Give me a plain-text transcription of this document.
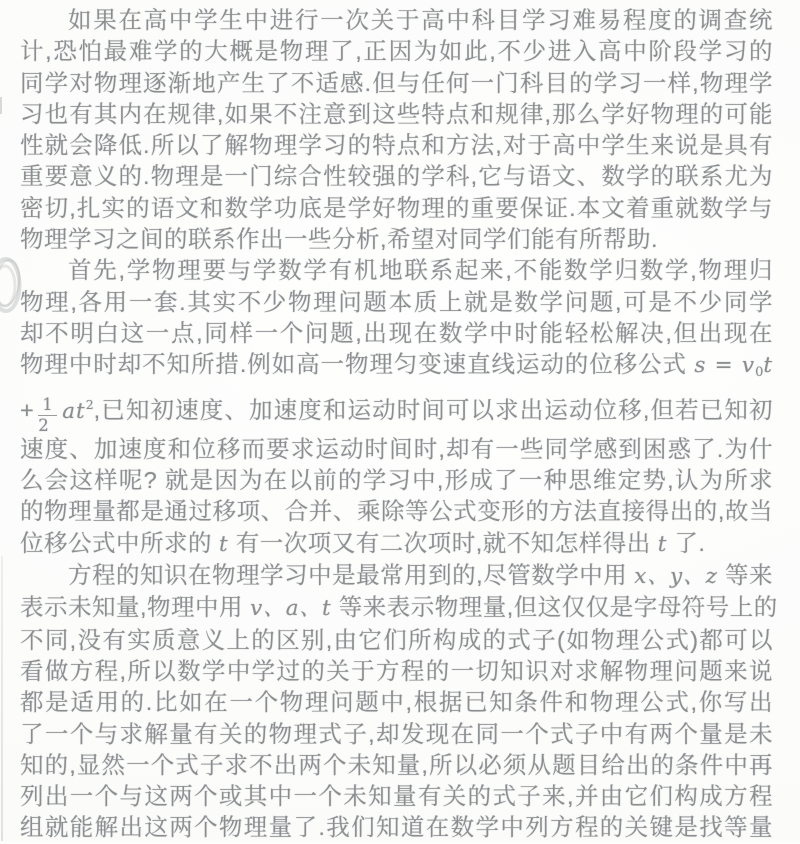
如果在高中学生中进行一次关于高中科目学习难易程度的调查统
计,恐怕最难学的大概是物理了,正因为如此,不少进入高中阶段学习的
同学对物理逐渐地产生了不适感.但与任何一门科目的学习一样,物理学
习也有其内在规律,如果不注意到这些特点和规律,那么学好物理的可能
性就会降低.所以了解物理学习的特点和方法,对于高中学生来说是具有
重要意义的.物理是一门综合性较强的学科,它与语文、数学的联系尤为
密切,扎实的语文和数学功底是学好物理的重要保证.本文着重就数学与
物理学习之间的联系作出一些分析,希望对同学们能有所帮助.
首先,学物理要与学数学有机地联系起来,不能数学归数学,物理归
物理,各用一套.其实不少物理问题本质上就是数学问题,可是不少同学
却不明白这一点,同样一个问题,出现在数学中时能轻松解决,但出现在
物理中时却不知所措.例如高一物理匀变速直线运动的位移公式 $s = v_0t$
+ $\frac{1}{2} at^2$,已知初速度、加速度和运动时间可以求出运动位移,但若已知初
速度、加速度和位移而要求运动时间时,却有一些同学感到困惑了.为什
么会这样呢? 就是因为在以前的学习中,形成了一种思维定势,认为所求
的物理量都是通过移项、合并、乘除等公式变形的方法直接得出的,故当
位移公式中所求的 t 有一次项又有二次项时,就不知怎样得出 t 了.
方程的知识在物理学习中是最常用到的,尽管数学中用 x、y、z 等来
表示未知量,物理中用 v、a、t 等来表示物理量,但这仅仅是字母符号上的
不同,没有实质意义上的区别,由它们所构成的式子(如物理公式)都可以
看做方程,所以数学中学过的关于方程的一切知识对求解物理问题来说
都是适用的.比如在一个物理问题中,根据已知条件和物理公式,你写出
了一个与求解量有关的物理式子,却发现在同一个式子中有两个量是未
知的,显然一个式子求不出两个未知量,所以必须从题目给出的条件中再
列出一个与这两个或其中一个未知量有关的式子来,并由它们构成方程
组就能解出这两个物理量了.我们知道在数学中列方程的关键是找等量
